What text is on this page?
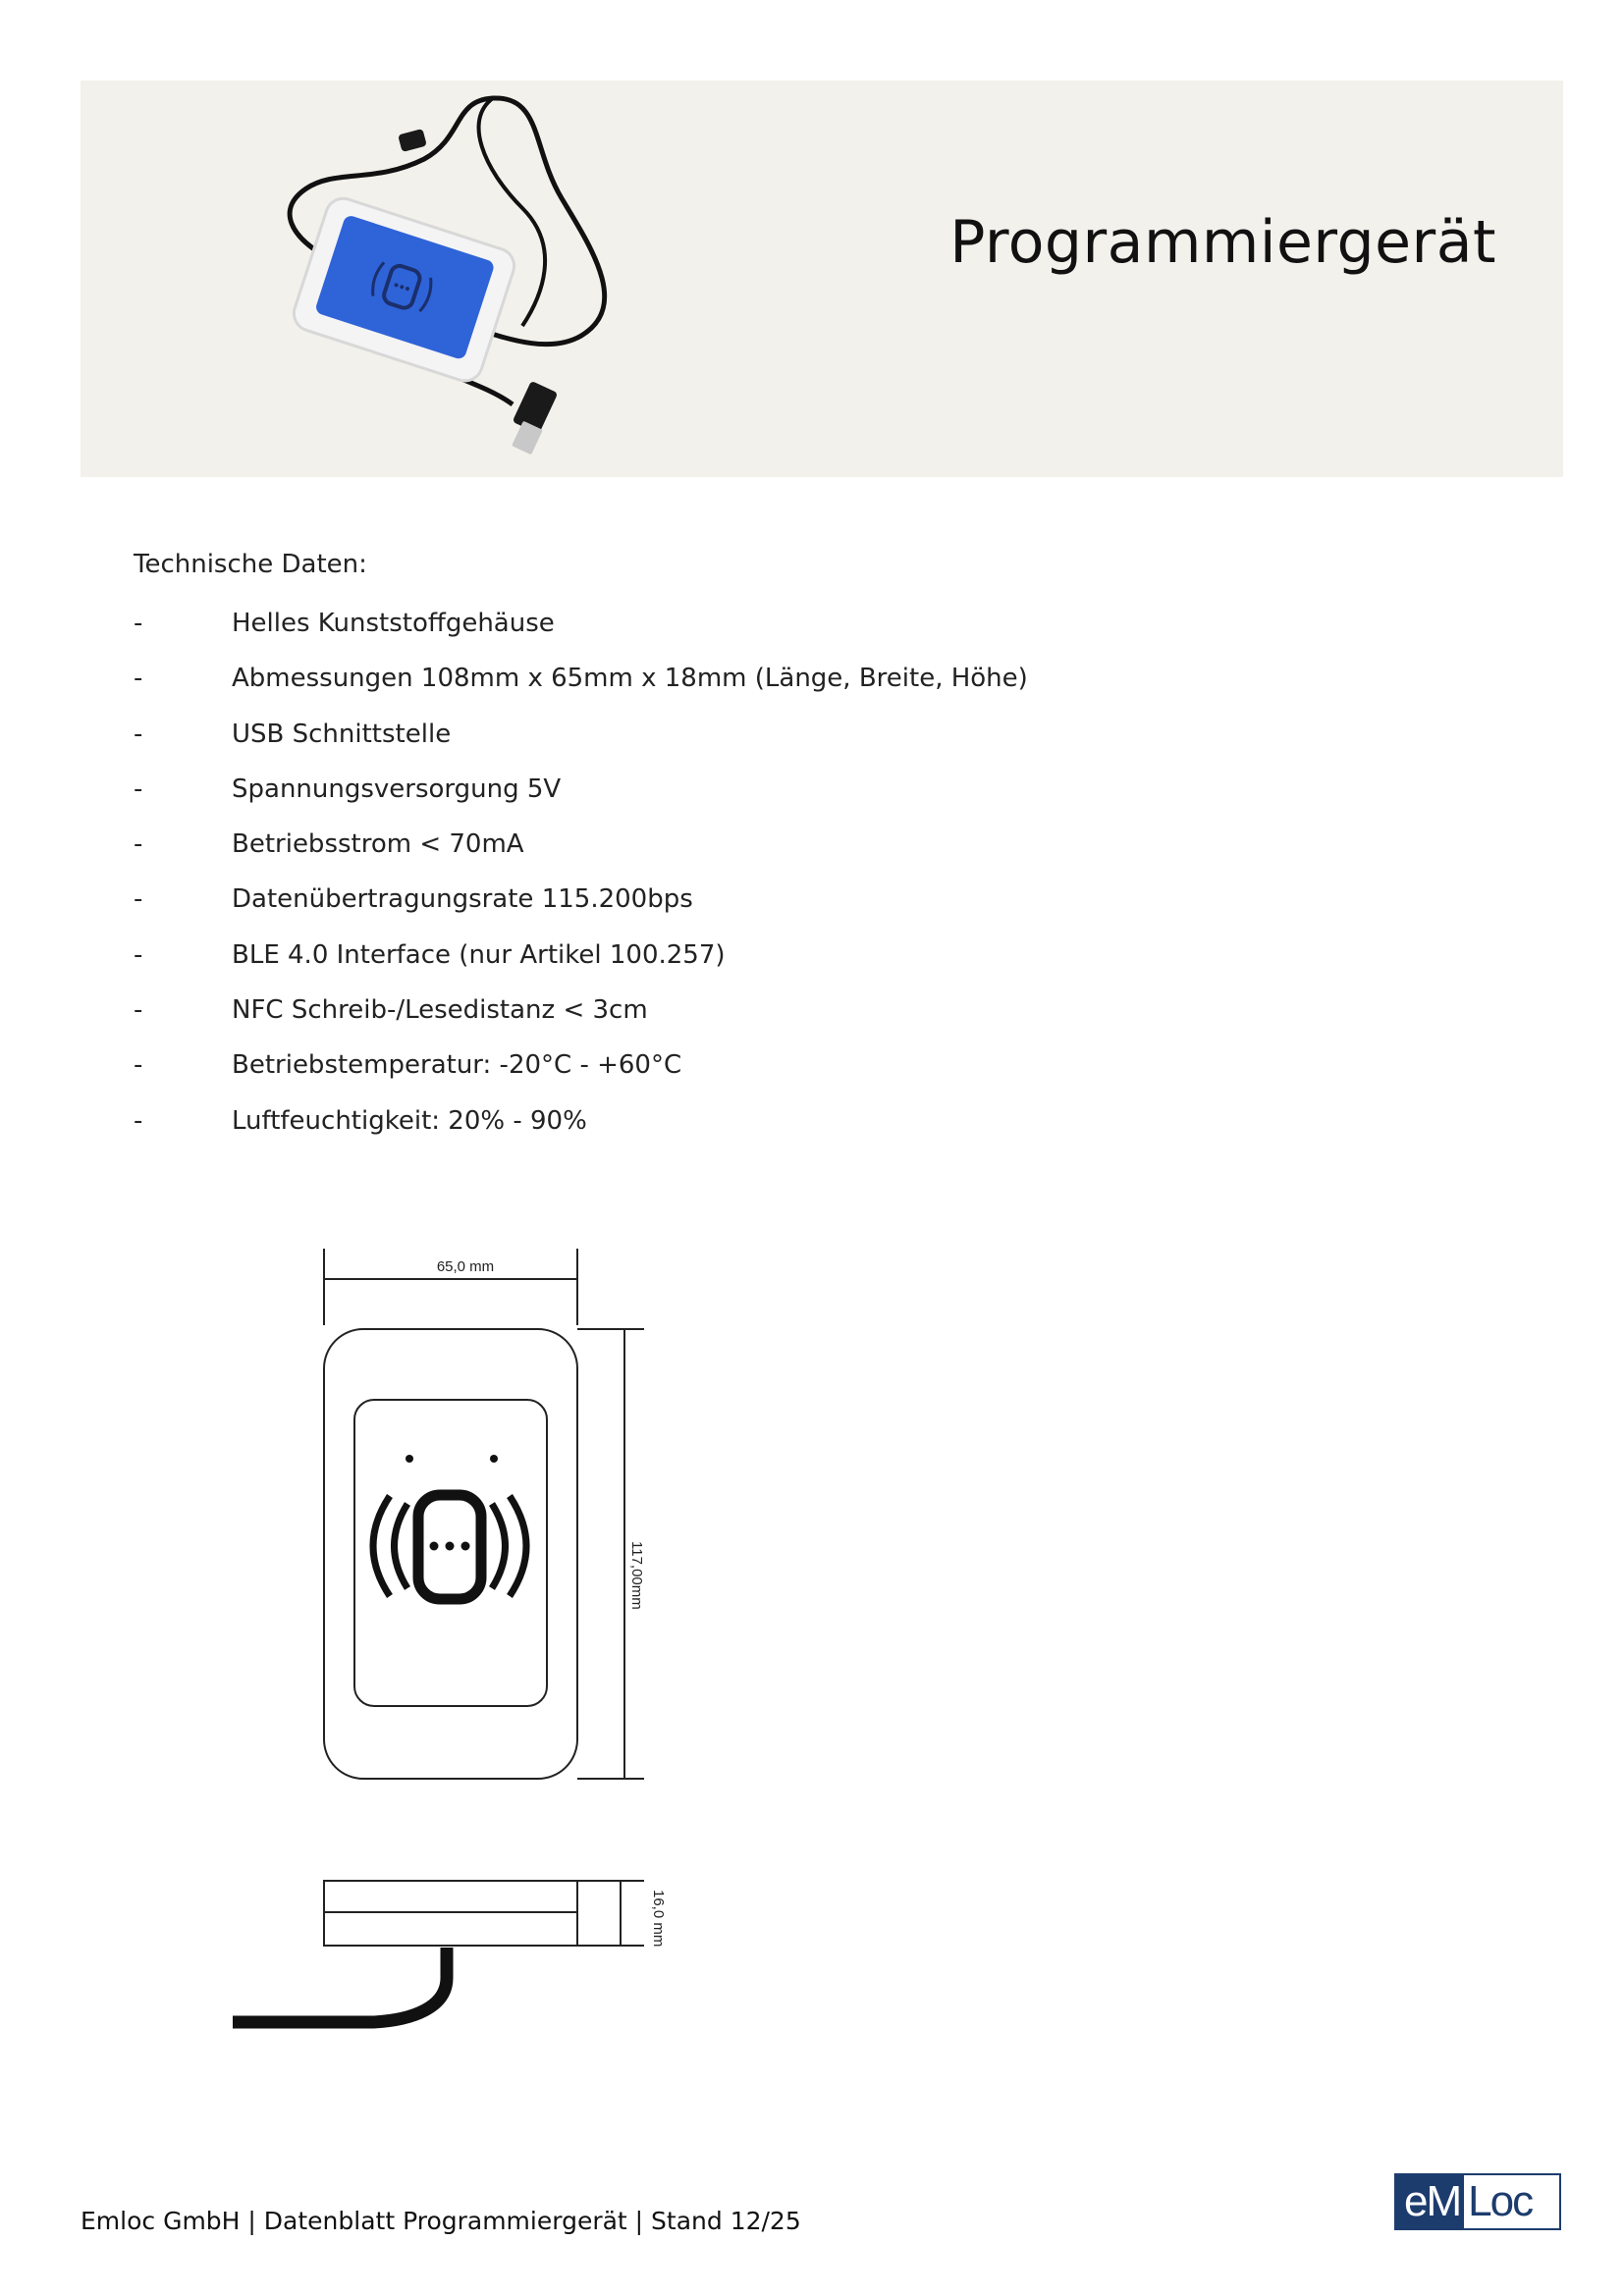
Programmiergerät
Technische Daten:
-	Helles Kunststoffgehäuse
-	Abmessungen 108mm x 65mm x 18mm (Länge, Breite, Höhe)
-	USB Schnittstelle
-	Spannungsversorgung 5V
-	Betriebsstrom < 70mA
-	Datenübertragungsrate 115.200bps
-	BLE 4.0 Interface (nur Artikel 100.257)
-	NFC Schreib-/Lesedistanz < 3cm
-	Betriebstemperatur: -20°C - +60°C
-	Luftfeuchtigkeit: 20% - 90%
65,0 mm
117,00mm
16,0 mm
Emloc GmbH | Datenblatt Programmiergerät | Stand 12/25	eM Loc
